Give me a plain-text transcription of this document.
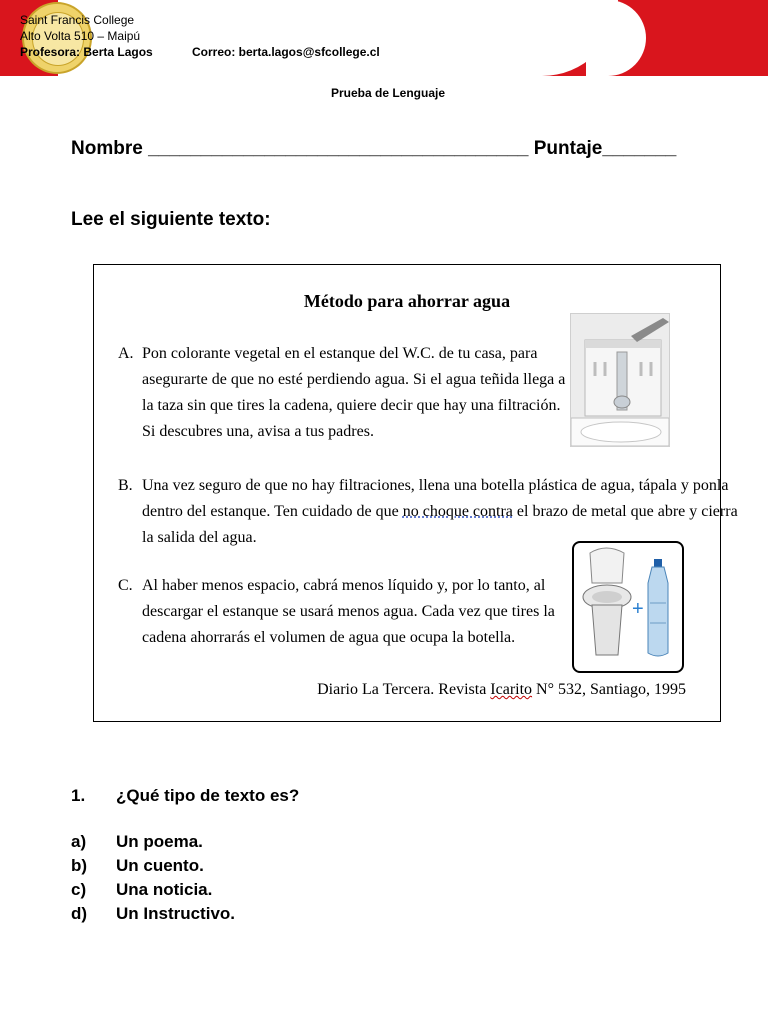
Saint Francis College
Alto Volta 510 – Maipú
Profesora: Berta Lagos	Correo: berta.lagos@sfcollege.cl
Prueba de Lenguaje
Nombre ____________________________________ Puntaje_______
Lee el siguiente texto:
Método para ahorrar agua
+
A. Pon colorante vegetal en el estanque del W.C. de tu casa, para
asegurarte de que no esté perdiendo agua. Si el agua teñida llega a
la taza sin que tires la cadena, quiere decir que hay una filtración.
Si descubres una, avisa a tus padres.
B. Una vez seguro de que no hay filtraciones, llena una botella plástica de agua, tápala y ponla
dentro del estanque. Ten cuidado de que no choque contra el brazo de metal que abre y cierra
la salida del agua.
C. Al haber menos espacio, cabrá menos líquido y, por lo tanto, al
descargar el estanque se usará menos agua. Cada vez que tires la
cadena ahorrarás el volumen de agua que ocupa la botella.
Diario La Tercera. Revista Icarito N° 532, Santiago, 1995
1. ¿Qué tipo de texto es?
a) Un poema.
b) Un cuento.
c) Una noticia.
d) Un Instructivo.
